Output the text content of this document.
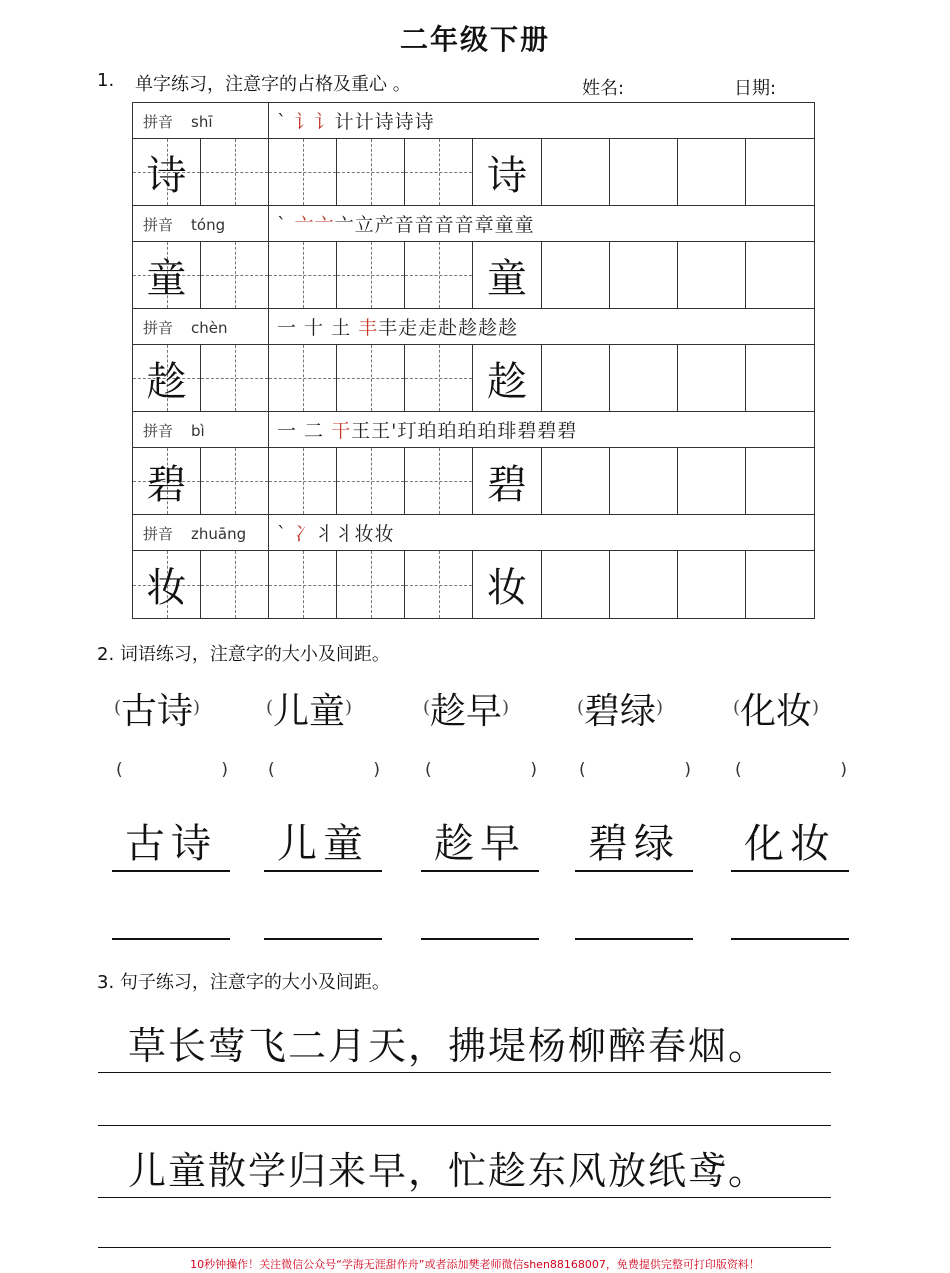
二年级下册
1. 单字练习，注意字的占格及重心 。	姓名:	日期:
拼音 shī	` 讠讠计计诗诗诗
诗	诗
拼音 tóng	` 亠亠亠立产音音音音章童童
童	童
拼音 chèn	一 十 土 丰丰走走赴趁趁趁
趁	趁
拼音 bì	一 二 干王王'玎珀珀珀珀琲碧碧碧
碧	碧
拼音 zhuāng	` 冫丬丬妆妆
妆	妆
2. 词语练习，注意字的大小及间距。
(古诗)
(	)
古诗
(儿童)
(	)
儿童
(趁早)
(	)
趁早
(碧绿)
(	)
碧绿
(化妆)
(	)
化妆
3. 句子练习，注意字的大小及间距。
草长莺飞二月天，拂堤杨柳醉春烟。
儿童散学归来早，忙趁东风放纸鸢。
10秒钟操作！关注微信公众号“学海无涯甜作舟”或者添加樊老师微信shen88168007，免费提供完整可打印版资料！
